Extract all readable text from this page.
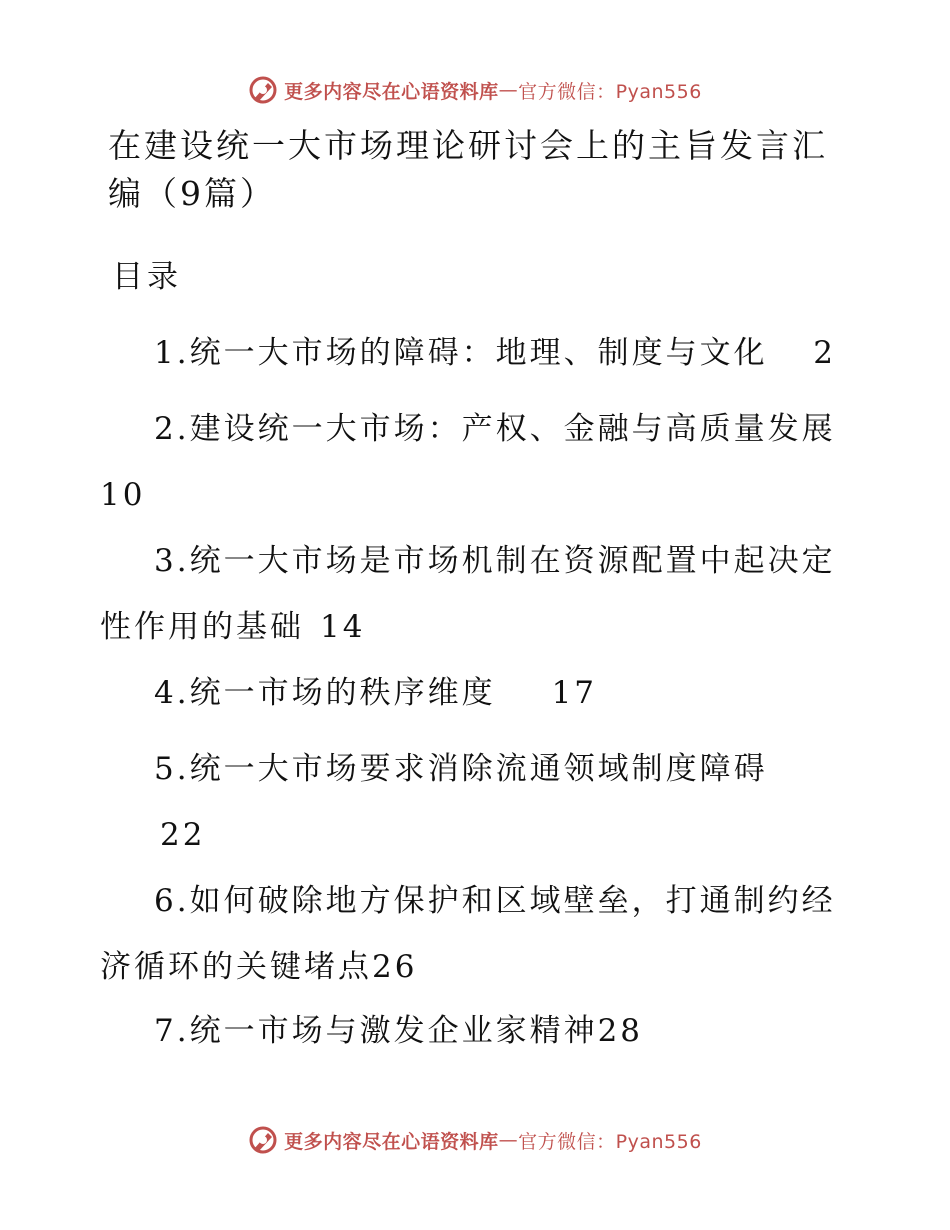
更多内容尽在心语资料库 — 官方微信：Pyan556
在建设统一大市场理论研讨会上的主旨发言汇编（9篇）
目录
1.统一大市场的障碍：地理、制度与文化	2
2.建设统一大市场：产权、金融与高质量发展10
3.统一大市场是市场机制在资源配置中起决定性作用的基础 14
4.统一市场的秩序维度 17
5.统一大市场要求消除流通领域制度障碍22
6.如何破除地方保护和区域壁垒，打通制约经济循环的关键堵点26
7.统一市场与激发企业家精神28
更多内容尽在心语资料库 — 官方微信：Pyan556
